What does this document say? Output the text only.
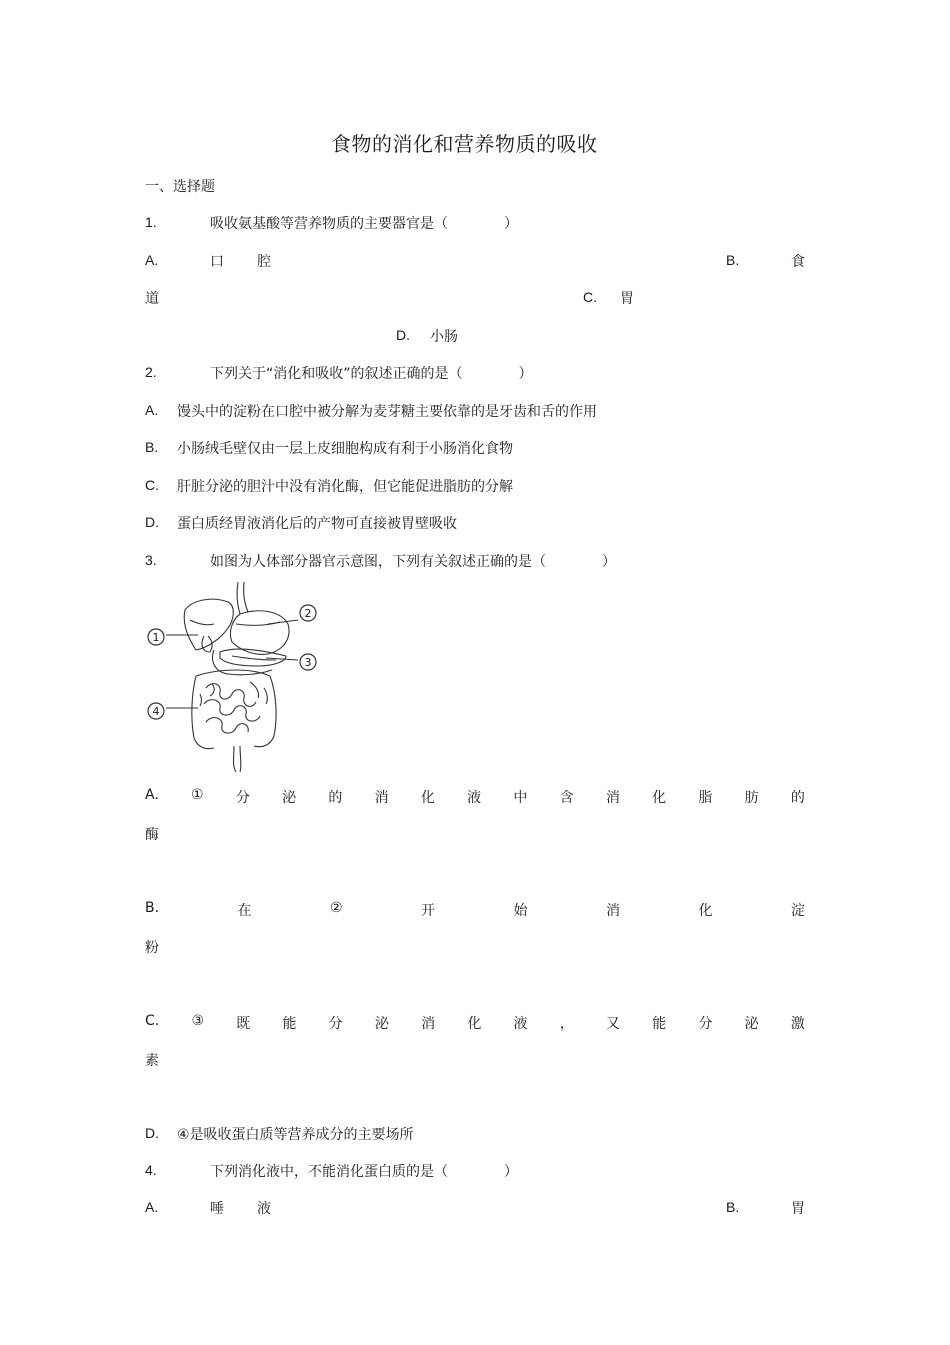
食物的消化和营养物质的吸收
一、选择题
1.	吸收氨基酸等营养物质的主要器官是（　　　　）
A.	口 腔	B.	食
道	C. 胃
D. 小肠
2.	下列关于“消化和吸收”的叙述正确的是（　　　　）
A. 馒头中的淀粉在口腔中被分解为麦芽糖主要依靠的是牙齿和舌的作用
B. 小肠绒毛壁仅由一层上皮细胞构成有利于小肠消化食物
C. 肝脏分泌的胆汁中没有消化酶，但它能促进脂肪的分解
D. 蛋白质经胃液消化后的产物可直接被胃壁吸收
3.	如图为人体部分器官示意图，下列有关叙述正确的是（　　　　）
1
2
3
4
A. ① 分 泌 的 消 化 液 中 含 消 化 脂 肪 的
酶
B.	在	②	开	始	消	化	淀
粉
C. ③ 既 能 分 泌 消 化 液 ， 又 能 分 泌 激
素
D. ④是吸收蛋白质等营养成分的主要场所
4.	下列消化液中，不能消化蛋白质的是（　　　　）
A.	唾 液	B.	胃
